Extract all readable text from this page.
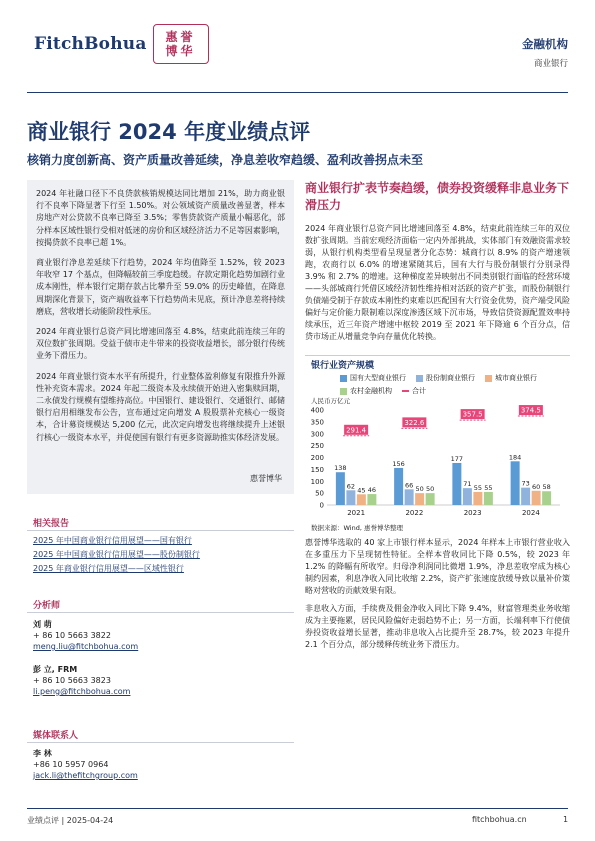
FitchBohua 惠誉
博华	金融机构
商业银行
商业银行 2024 年度业绩点评
核销力度创新高、资产质量改善延续，净息差收窄趋缓、盈利改善拐点未至

2024 年社融口径下不良贷款核销规模达同比增加 21%，助力商业银行不良率下降显著下行至 1.50%。对公领域资产质量改善显著，样本房地产对公贷款不良率已降至 3.5%；零售贷款资产质量小幅恶化，部分样本区域性银行受相对低迷的房价和区域经济活力不足等因素影响，按揭贷款不良率已超 1%。

商业银行净息差延续下行趋势，2024 年均值降至 1.52%，较 2023 年收窄 17 个基点，但降幅较前三季度趋缓。存款定期化趋势加剧行业成本刚性，样本银行定期存款占比攀升至 59.0% 的历史峰值，在降息周期深化背景下，资产端收益率下行趋势尚未见底，预计净息差将持续磨底，营收增长动能阶段性承压。

2024 年商业银行总资产同比增速回落至 4.8%，结束此前连续三年的双位数扩张周期。受益于债市走牛带来的投资收益增长，部分银行传统业务下滑压力。

2024 年商业银行资本水平有所提升，行业整体盈利修复有限推升外源性补充资本需求。2024 年起二级资本及永续债开始进入密集赎回期，二永债发行规模有望维持高位。中国银行、建设银行、交通银行、邮储银行启用相继发布公告，宣布通过定向增发 A 股股票补充核心一级资本，合计募资规模达 5,200 亿元，此次定向增发也将继续提升上述银行核心一级资本水平，并促使国有银行有更多资源助推实体经济发展。

惠誉博华
相关报告
2025 年中国商业银行信用展望——国有银行
2025 年中国商业银行信用展望——股份制银行
2025 年商业银行信用展望——区域性银行
分析师
刘 萌
+ 86 10 5663 3822
meng.liu@fitchbohua.com
彭 立, FRM
+ 86 10 5663 3823
li.peng@fitchbohua.com
媒体联系人
李 林
+86 10 5957 0964
jack.li@thefitchgroup.com
商业银行扩表节奏趋缓，债券投资缓释非息业务下滑压力
2024 年商业银行总资产同比增速回落至 4.8%，结束此前连续三年的双位数扩张周期。当前宏观经济面临一定内外部挑战，实体部门有效融资需求较弱，从银行机构类型看呈现显著分化态势：城商行以 8.9% 的资产增速领跑，农商行以 6.0% 的增速紧随其后，国有大行与股份制银行分别录得 3.9% 和 2.7% 的增速。这种梯度差异映射出不同类别银行面临的经营环境——头部城商行凭借区域经济韧性维持相对活跃的资产扩张，而股份制银行负债端受制于存款成本刚性约束难以匹配国有大行资金优势，资产端受风险偏好与定价能力限制难以深度渗透区域下沉市场，导致信贷资源配置效率持续承压，近三年资产增速中枢较 2019 至 2021 年下降逾 6 个百分点，信贷市场正从增量竞争向存量优化转换。
银行业资产规模
国有大型商业银行	股份制商业银行	城市商业银行
农村金融机构	合计
人民币万亿元
0
50
100
150
200
250
300
350
400
138
62
45 46
2021
156
66 50 50
2022
177
71 55 55
2023
184
73 60 58
2024
291.4
322.6
357.5
374.5
数据来源：Wind, 惠誉博华整理
惠誉博华选取的 40 家上市银行样本显示，2024 年样本上市银行营业收入在多重压力下呈现韧性特征。全样本营收同比下降 0.5%，较 2023 年 1.2% 的降幅有所收窄。归母净利润同比微增 1.9%，净息差收窄成为核心制约因素，利息净收入同比收缩 2.2%，资产扩张速度放缓导致以量补价策略对营收的贡献效果有限。
非息收入方面，手续费及佣金净收入同比下降 9.4%，财富管理类业务收缩成为主要拖累，居民风险偏好走弱趋势不止；另一方面，长端利率下行使债券投资收益增长显著，推动非息收入占比提升至 28.7%，较 2023 年提升 2.1 个百分点，部分缓释传统业务下滑压力。
业绩点评 | 2025-04-24	fitchbohua.cn	1
